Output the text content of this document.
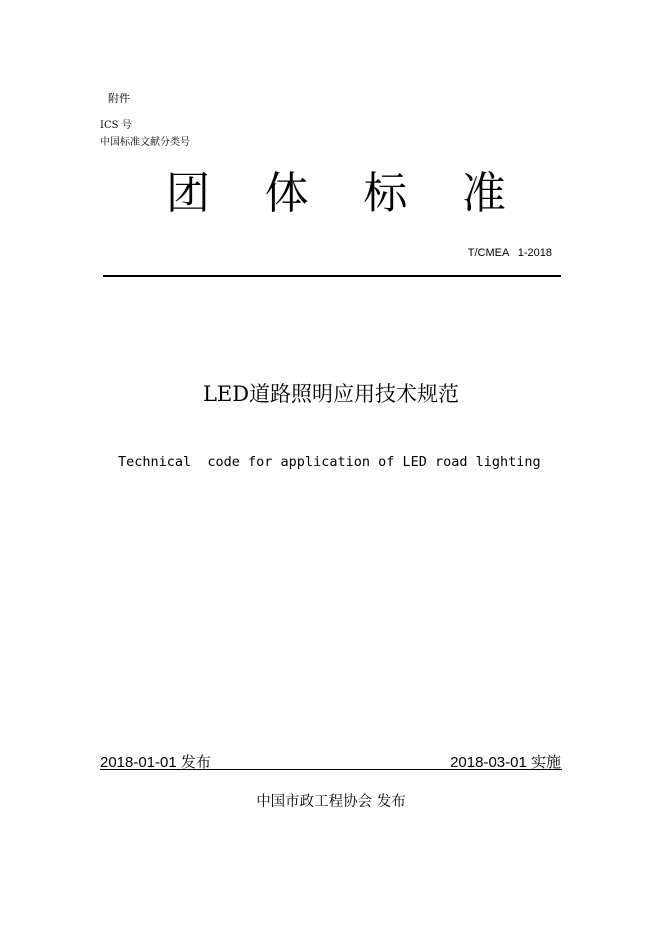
附件
ICS 号
中国标准文献分类号
团 体 标 准
T/CMEA 1-2018
LED道路照明应用技术规范
Technical  code for application of LED road lighting
2018-01-01 发布	2018-03-01 实施
中国市政工程协会 发布
